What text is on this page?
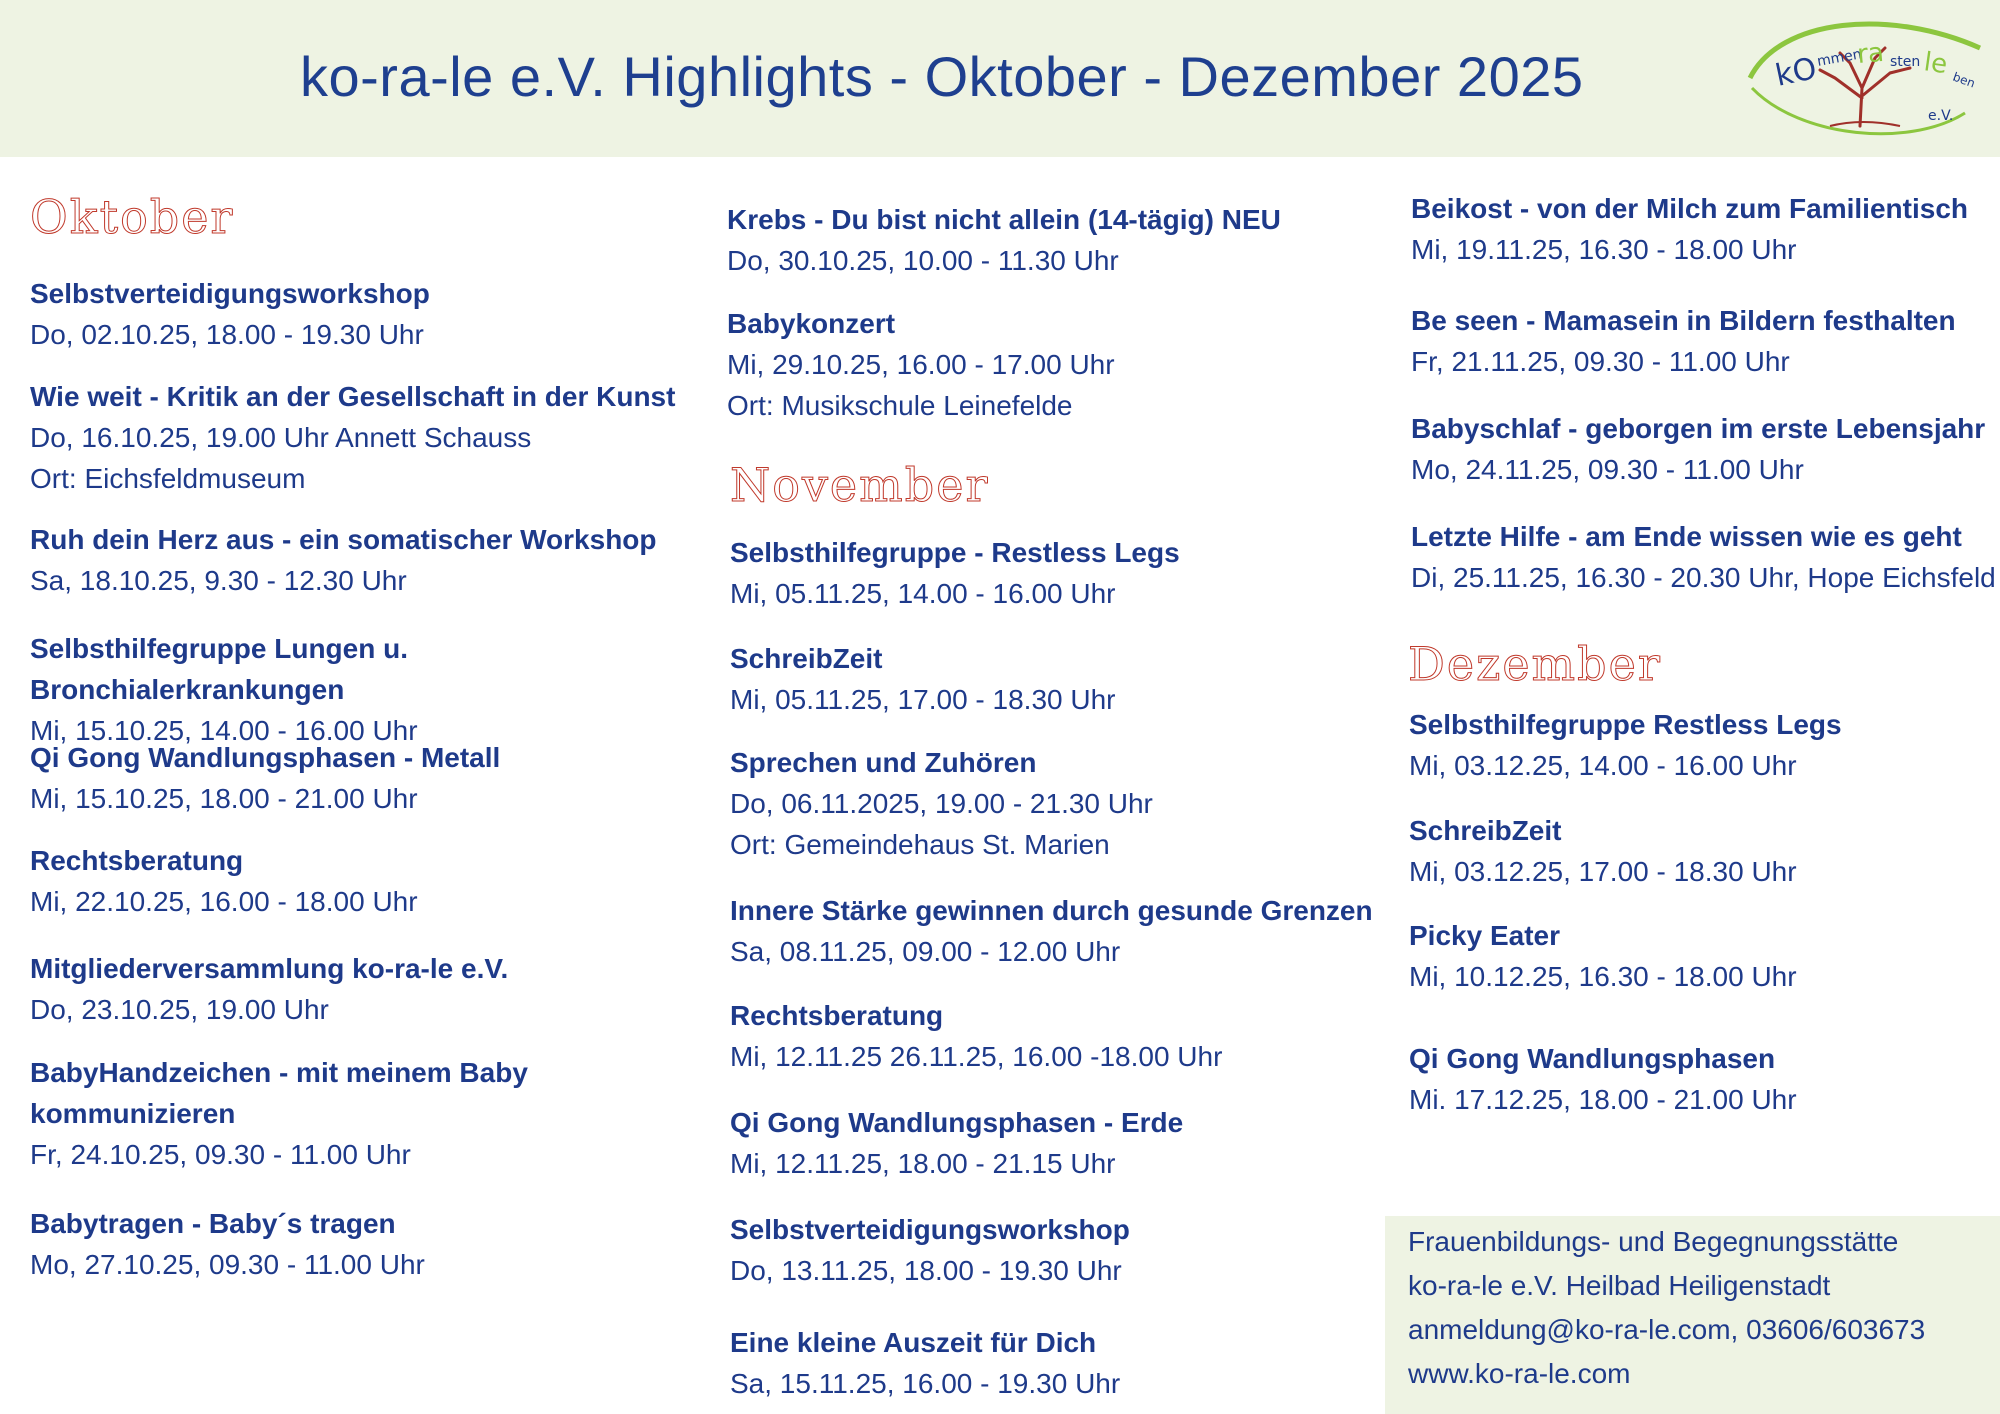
ko-ra-le e.V. Highlights - Oktober - Dezember 2025	kO
mmen
ra sten le ben
e.V.
Oktober
Selbstverteidigungsworkshop
Do, 02.10.25, 18.00 - 19.30 Uhr
Wie weit - Kritik an der Gesellschaft in der Kunst
Do, 16.10.25, 19.00 Uhr Annett Schauss
Ort: Eichsfeldmuseum
Ruh dein Herz aus - ein somatischer Workshop
Sa, 18.10.25, 9.30 - 12.30 Uhr
Selbsthilfegruppe Lungen u. Bronchialerkrankungen
Mi, 15.10.25, 14.00 - 16.00 Uhr
Qi Gong Wandlungsphasen - Metall
Mi, 15.10.25, 18.00 - 21.00 Uhr
Rechtsberatung
Mi, 22.10.25, 16.00 - 18.00 Uhr
Mitgliederversammlung ko-ra-le e.V.
Do, 23.10.25, 19.00 Uhr
BabyHandzeichen - mit meinem Baby
kommunizieren
Fr, 24.10.25, 09.30 - 11.00 Uhr
Babytragen - Baby´s tragen
Mo, 27.10.25, 09.30 - 11.00 Uhr
Krebs - Du bist nicht allein (14-tägig) NEU
Do, 30.10.25, 10.00 - 11.30 Uhr
Babykonzert
Mi, 29.10.25, 16.00 - 17.00 Uhr
Ort: Musikschule Leinefelde
November
Selbsthilfegruppe - Restless Legs
Mi, 05.11.25, 14.00 - 16.00 Uhr
SchreibZeit
Mi, 05.11.25, 17.00 - 18.30 Uhr
Sprechen und Zuhören
Do, 06.11.2025, 19.00 - 21.30 Uhr
Ort: Gemeindehaus St. Marien
Innere Stärke gewinnen durch gesunde Grenzen
Sa, 08.11.25, 09.00 - 12.00 Uhr
Rechtsberatung
Mi, 12.11.25 26.11.25, 16.00 -18.00 Uhr
Qi Gong Wandlungsphasen - Erde
Mi, 12.11.25, 18.00 - 21.15 Uhr
Selbstverteidigungsworkshop
Do, 13.11.25, 18.00 - 19.30 Uhr
Eine kleine Auszeit für Dich
Sa, 15.11.25, 16.00 - 19.30 Uhr
Beikost - von der Milch zum Familientisch
Mi, 19.11.25, 16.30 - 18.00 Uhr
Be seen - Mamasein in Bildern festhalten
Fr, 21.11.25, 09.30 - 11.00 Uhr
Babyschlaf - geborgen im erste Lebensjahr
Mo, 24.11.25, 09.30 - 11.00 Uhr
Letzte Hilfe - am Ende wissen wie es geht
Di, 25.11.25, 16.30 - 20.30 Uhr, Hope Eichsfeld
Dezember
Selbsthilfegruppe Restless Legs
Mi, 03.12.25, 14.00 - 16.00 Uhr
SchreibZeit
Mi, 03.12.25, 17.00 - 18.30 Uhr
Picky Eater
Mi, 10.12.25, 16.30 - 18.00 Uhr
Qi Gong Wandlungsphasen
Mi. 17.12.25, 18.00 - 21.00 Uhr
Frauenbildungs- und Begegnungsstätte
ko-ra-le e.V. Heilbad Heiligenstadt
anmeldung@ko-ra-le.com, 03606/603673
www.ko-ra-le.com
